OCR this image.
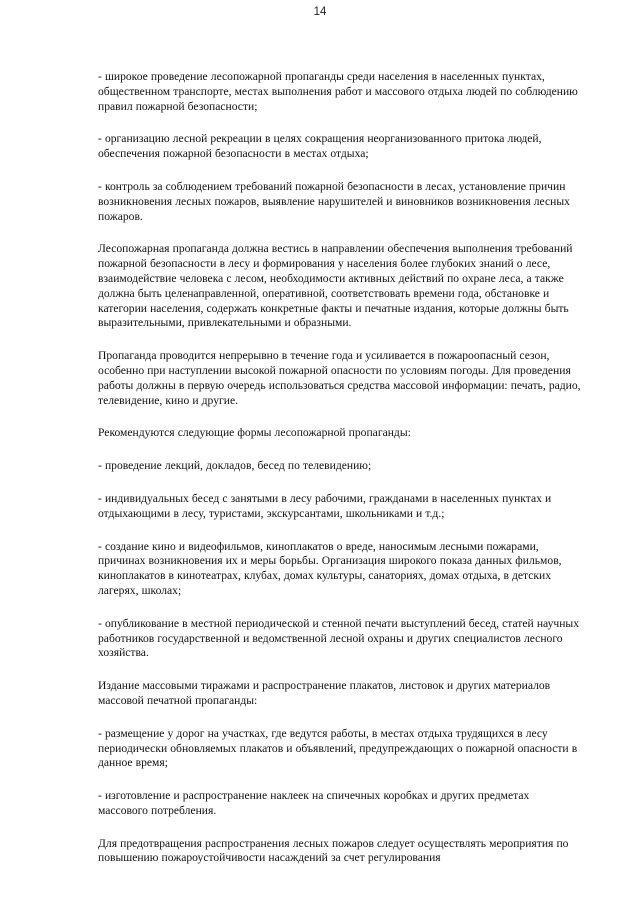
14

- широкое проведение лесопожарной пропаганды среди населения в населенных пунктах, общественном транспорте, местах выполнения работ и массового отдыха людей по соблюдению правил пожарной безопасности;

- организацию лесной рекреации в целях сокращения неорганизованного притока людей, обеспечения пожарной безопасности в местах отдыха;

- контроль за соблюдением требований пожарной безопасности в лесах, установление причин возникновения лесных пожаров, выявление нарушителей и виновников возникновения лесных пожаров.

Лесопожарная пропаганда должна вестись в направлении обеспечения выполнения требований пожарной безопасности в лесу и формирования у населения более глубоких знаний о лесе, взаимодействие человека с лесом, необходимости активных действий по охране леса, а также должна быть целенаправленной, оперативной, соответствовать времени года, обстановке и категории населения, содержать конкретные факты и печатные издания, которые должны быть выразительными, привлекательными и образными.

Пропаганда проводится непрерывно в течение года и усиливается в пожароопасный сезон, особенно при наступлении высокой пожарной опасности по условиям погоды. Для проведения работы должны в первую очередь использоваться средства массовой информации: печать, радио, телевидение, кино и другие.

Рекомендуются следующие формы лесопожарной пропаганды:

- проведение лекций, докладов, бесед по телевидению;

- индивидуальных бесед с занятыми в лесу рабочими, гражданами в населенных пунктах и отдыхающими в лесу, туристами, экскурсантами, школьниками и т.д.;

- создание кино и видеофильмов, киноплакатов о вреде, наносимым лесными пожарами, причинах возникновения их и меры борьбы. Организация широкого показа данных фильмов, киноплакатов в кинотеатрах, клубах, домах культуры, санаториях, домах отдыха, в детских лагерях, школах;

- опубликование в местной периодической и стенной печати выступлений бесед, статей научных работников государственной и ведомственной лесной охраны и других специалистов лесного хозяйства.

Издание массовыми тиражами и распространение плакатов, листовок и других материалов массовой печатной пропаганды:

- размещение у дорог на участках, где ведутся работы, в местах отдыха трудящихся в лесу периодически обновляемых плакатов и объявлений, предупреждающих о пожарной опасности в данное время;

- изготовление и распространение наклеек на спичечных коробках и других предметах массового потребления.

Для предотвращения распространения лесных пожаров следует осуществлять мероприятия по повышению пожароустойчивости насаждений за счет регулирования
